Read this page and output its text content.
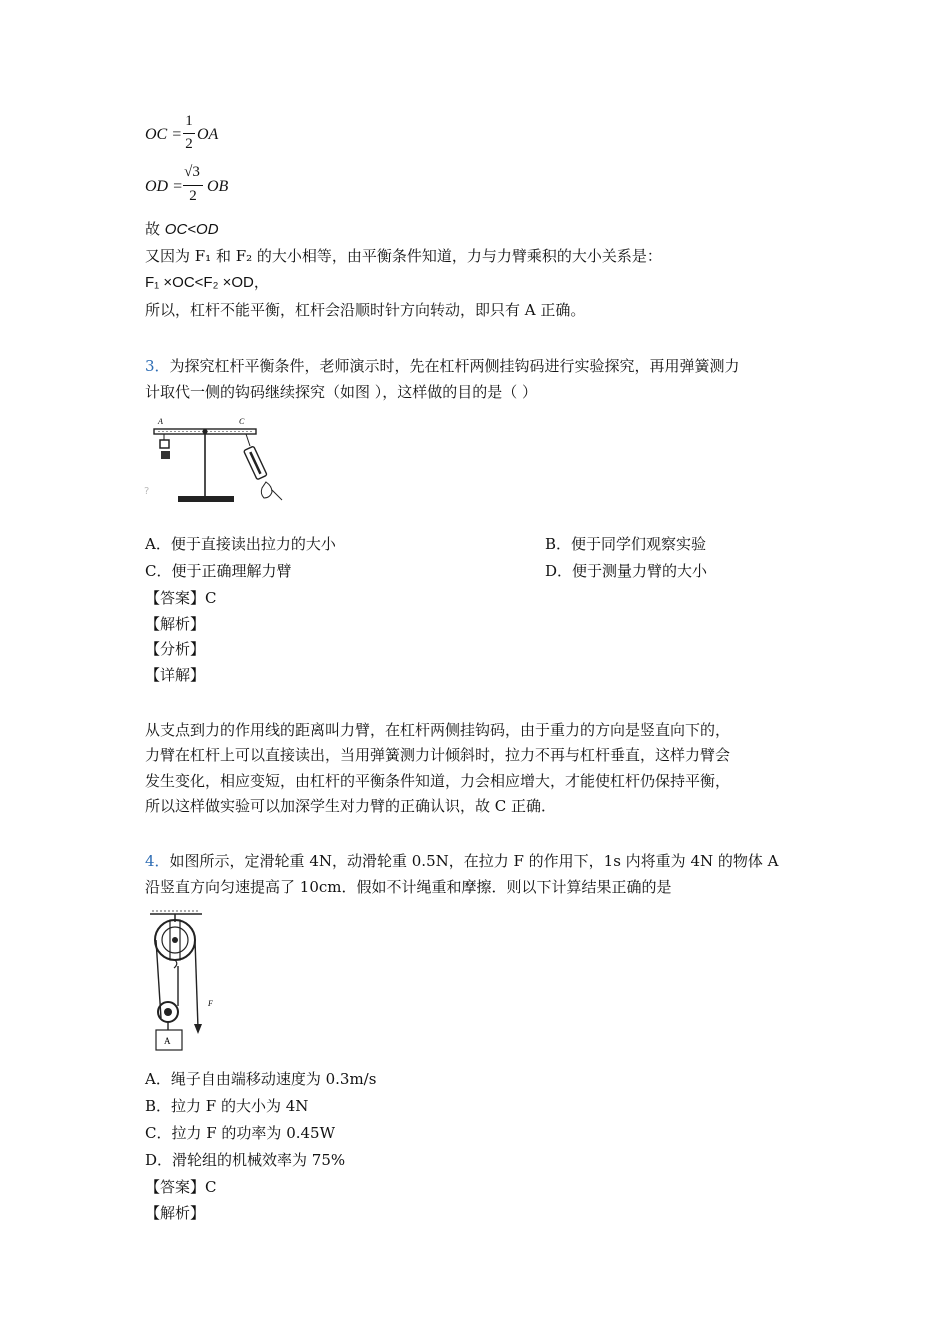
OC =
1
2
OA
OD =
√3
2
OB
故 OC<OD
又因为 F₁ 和 F₂ 的大小相等，由平衡条件知道，力与力臂乘积的大小关系是：
F₁ ×OC<F₂ ×OD，
所以，杠杆不能平衡，杠杆会沿顺时针方向转动，即只有 A 正确。
3．为探究杠杆平衡条件，老师演示时，先在杠杆两侧挂钩码进行实验探究，再用弹簧测力
计取代一侧的钩码继续探究（如图 ），这样做的目的是（ ）
A	C
?
A．便于直接读出拉力的大小	B．便于同学们观察实验
C．便于正确理解力臂	D．便于测量力臂的大小
【答案】C
【解析】
【分析】
【详解】
从支点到力的作用线的距离叫力臂，在杠杆两侧挂钩码，由于重力的方向是竖直向下的，
力臂在杠杆上可以直接读出，当用弹簧测力计倾斜时，拉力不再与杠杆垂直，这样力臂会
发生变化，相应变短，由杠杆的平衡条件知道，力会相应增大，才能使杠杆仍保持平衡，
所以这样做实验可以加深学生对力臂的正确认识，故 C 正确．
4．如图所示，定滑轮重 4N，动滑轮重 0.5N，在拉力 F 的作用下，1s 内将重为 4N 的物体 A
沿竖直方向匀速提高了 10cm．假如不计绳重和摩擦．则以下计算结果正确的是
F
A
A．绳子自由端移动速度为 0.3m/s
B．拉力 F 的大小为 4N
C．拉力 F 的功率为 0.45W
D．滑轮组的机械效率为 75%
【答案】C
【解析】
